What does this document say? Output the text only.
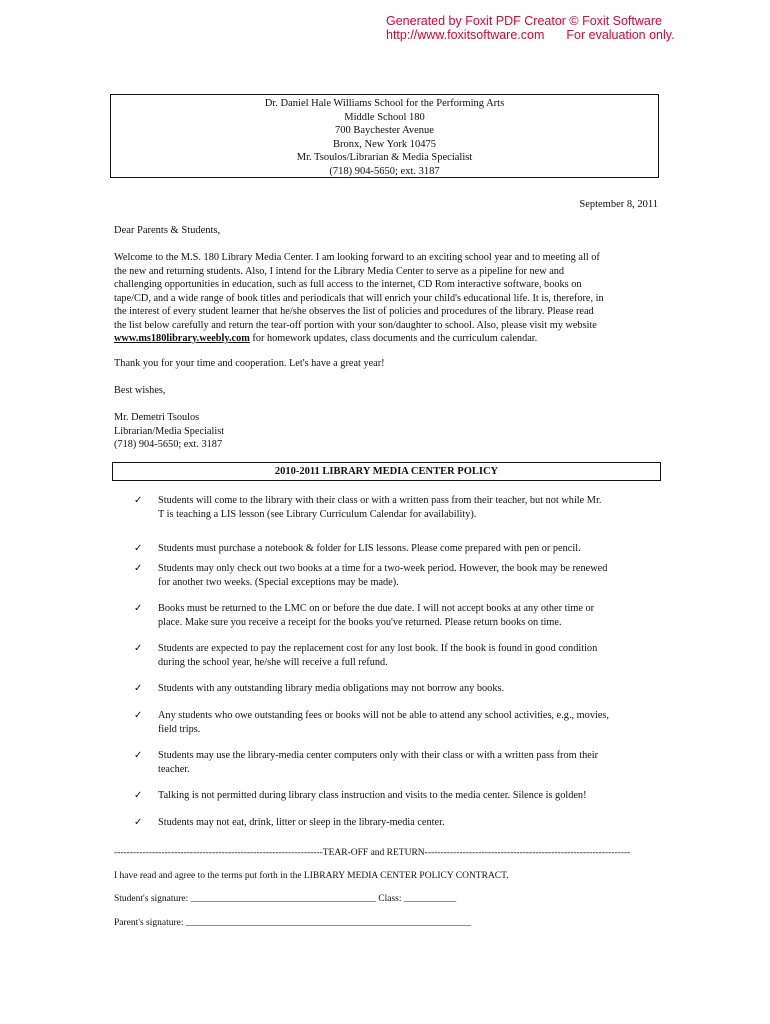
Generated by Foxit PDF Creator © Foxit Software
http://www.foxitsoftware.com For evaluation only.
Dr. Daniel Hale Williams School for the Performing Arts
Middle School 180
700 Baychester Avenue
Bronx, New York 10475
Mr. Tsoulos/Librarian & Media Specialist
(718) 904-5650; ext. 3187
September 8, 2011
Dear Parents & Students,
Welcome to the M.S. 180 Library Media Center. I am looking forward to an exciting school year and to meeting all of
the new and returning students. Also, I intend for the Library Media Center to serve as a pipeline for new and
challenging opportunities in education, such as full access to the internet, CD Rom interactive software, books on
tape/CD, and a wide range of book titles and periodicals that will enrich your child's educational life. It is, therefore, in
the interest of every student learner that he/she observes the list of policies and procedures of the library. Please read
the list below carefully and return the tear-off portion with your son/daughter to school. Also, please visit my website
www.ms180library.weebly.com for homework updates, class documents and the curriculum calendar.
Thank you for your time and cooperation. Let's have a great year!
Best wishes,
Mr. Demetri Tsoulos
Librarian/Media Specialist
(718) 904-5650; ext. 3187
2010-2011 LIBRARY MEDIA CENTER POLICY
✓ Students will come to the library with their class or with a written pass from their teacher, but not while Mr.
T is teaching a LIS lesson (see Library Curriculum Calendar for availability).
✓ Students must purchase a notebook & folder for LIS lessons. Please come prepared with pen or pencil.
✓ Students may only check out two books at a time for a two-week period. However, the book may be renewed
for another two weeks. (Special exceptions may be made).
✓ Books must be returned to the LMC on or before the due date. I will not accept books at any other time or
place. Make sure you receive a receipt for the books you've returned. Please return books on time.
✓ Students are expected to pay the replacement cost for any lost book. If the book is found in good condition
during the school year, he/she will receive a full refund.
✓ Students with any outstanding library media obligations may not borrow any books.
✓ Any students who owe outstanding fees or books will not be able to attend any school activities, e.g., movies,
field trips.
✓ Students may use the library-media center computers only with their class or with a written pass from their
teacher.
✓ Talking is not permitted during library class instruction and visits to the media center. Silence is golden!
✓ Students may not eat, drink, litter or sleep in the library-media center.
------------------------------------------------------------------TEAR-OFF and RETURN-----------------------------------------------------------------
I have read and agree to the terms put forth in the LIBRARY MEDIA CENTER POLICY CONTRACT.
Student's signature: _______________________________________ Class: ___________
Parent's signature: ____________________________________________________________
